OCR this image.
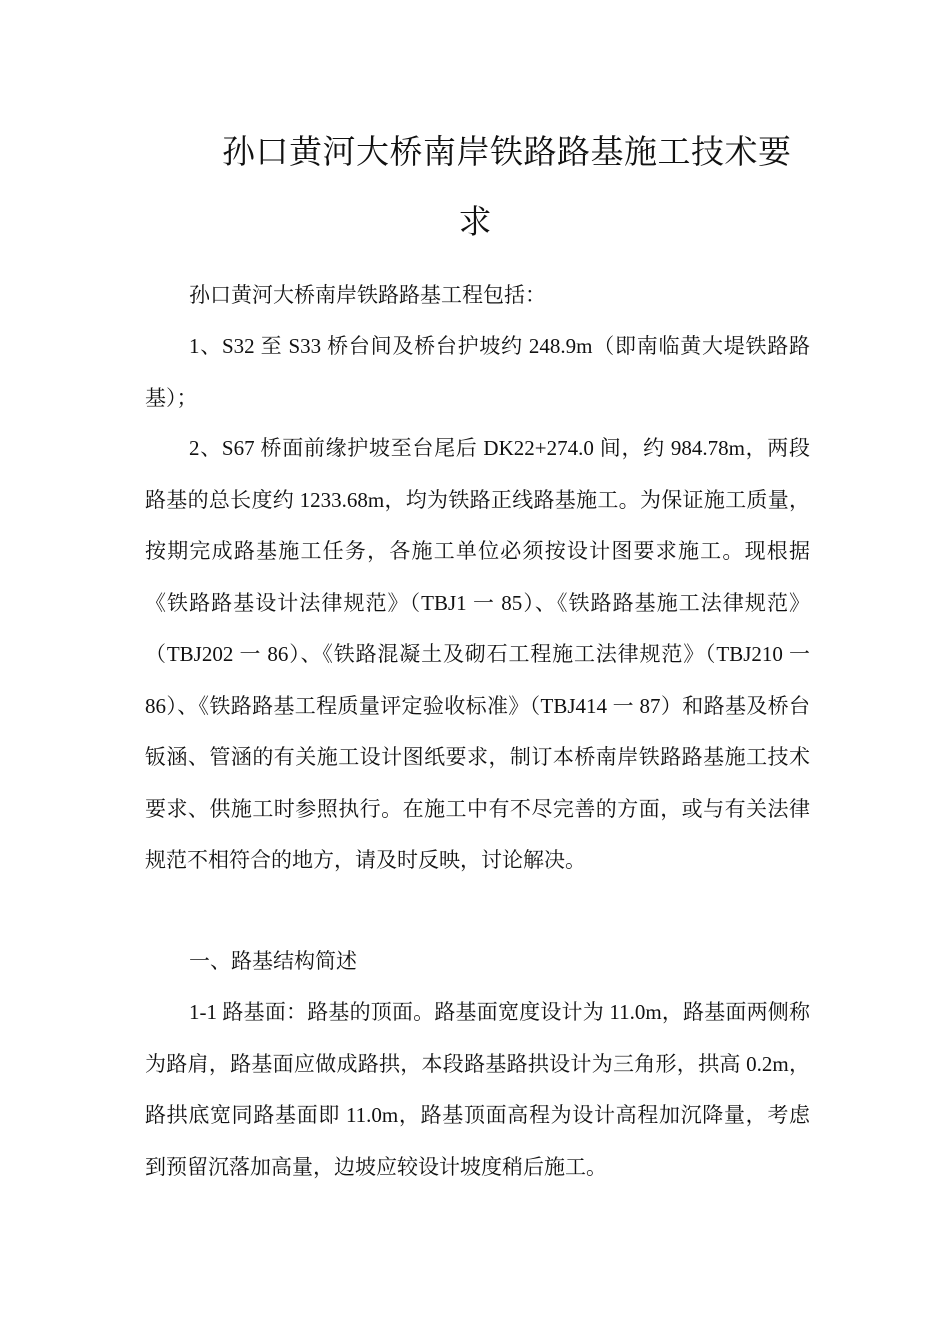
孙口黄河大桥南岸铁路路基施工技术要
求

孙口黄河大桥南岸铁路路基工程包括：

1、S32 至 S33 桥台间及桥台护坡约 248.9m（即南临黄大堤铁路路基）；

2、S67 桥面前缘护坡至台尾后 DK22+274.0 间，约 984.78m，两段路基的总长度约 1233.68m，均为铁路正线路基施工。为保证施工质量，按期完成路基施工任务，各施工单位必须按设计图要求施工。现根据《铁路路基设计法律规范》（TBJ1 一 85）、《铁路路基施工法律规范》（TBJ202 一 86）、《铁路混凝土及砌石工程施工法律规范》（TBJ210 一 86）、《铁路路基工程质量评定验收标准》（TBJ414 一 87）和路基及桥台钣涵、管涵的有关施工设计图纸要求，制订本桥南岸铁路路基施工技术要求、供施工时参照执行。在施工中有不尽完善的方面，或与有关法律规范不相符合的地方，请及时反映，讨论解决。

一、路基结构简述

1-1 路基面：路基的顶面。路基面宽度设计为 11.0m，路基面两侧称为路肩，路基面应做成路拱，本段路基路拱设计为三角形，拱高 0.2m，路拱底宽同路基面即 11.0m，路基顶面高程为设计高程加沉降量，考虑到预留沉落加高量，边坡应较设计坡度稍后施工。
